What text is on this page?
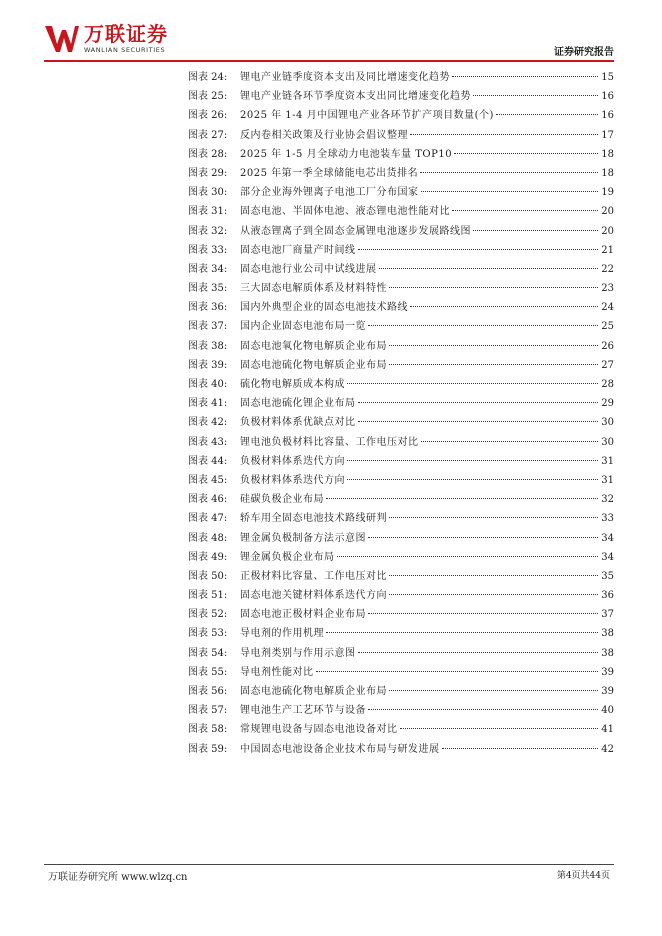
万联证券
WANLIAN SECURITIES	证券研究报告
图表 24:	锂电产业链季度资本支出及同比增速变化趋势	15
图表 25:	锂电产业链各环节季度资本支出同比增速变化趋势	16
图表 26:	2025 年 1-4 月中国锂电产业各环节扩产项目数量(个)	16
图表 27:	反内卷相关政策及行业协会倡议整理	17
图表 28:	2025 年 1-5 月全球动力电池装车量 TOP10	18
图表 29:	2025 年第一季全球储能电芯出货排名	18
图表 30:	部分企业海外锂离子电池工厂分布国家	19
图表 31:	固态电池、半固体电池、液态锂电池性能对比	20
图表 32:	从液态锂离子到全固态金属锂电池逐步发展路线图	20
图表 33:	固态电池厂商量产时间线	21
图表 34:	固态电池行业公司中试线进展	22
图表 35:	三大固态电解质体系及材料特性	23
图表 36:	国内外典型企业的固态电池技术路线	24
图表 37:	国内企业固态电池布局一览	25
图表 38:	固态电池氧化物电解质企业布局	26
图表 39:	固态电池硫化物电解质企业布局	27
图表 40:	硫化物电解质成本构成	28
图表 41:	固态电池硫化锂企业布局	29
图表 42:	负极材料体系优缺点对比	30
图表 43:	锂电池负极材料比容量、工作电压对比	30
图表 44:	负极材料体系迭代方向	31
图表 45:	负极材料体系迭代方向	31
图表 46:	硅碳负极企业布局	32
图表 47:	轿车用全固态电池技术路线研判	33
图表 48:	锂金属负极制备方法示意图	34
图表 49:	锂金属负极企业布局	34
图表 50:	正极材料比容量、工作电压对比	35
图表 51:	固态电池关键材料体系迭代方向	36
图表 52:	固态电池正极材料企业布局	37
图表 53:	导电剂的作用机理	38
图表 54:	导电剂类别与作用示意图	38
图表 55:	导电剂性能对比	39
图表 56:	固态电池硫化物电解质企业布局	39
图表 57:	锂电池生产工艺环节与设备	40
图表 58:	常规锂电设备与固态电池设备对比	41
图表 59:	中国固态电池设备企业技术布局与研发进展	42
万联证券研究所 www.wlzq.cn	第4页共44页
